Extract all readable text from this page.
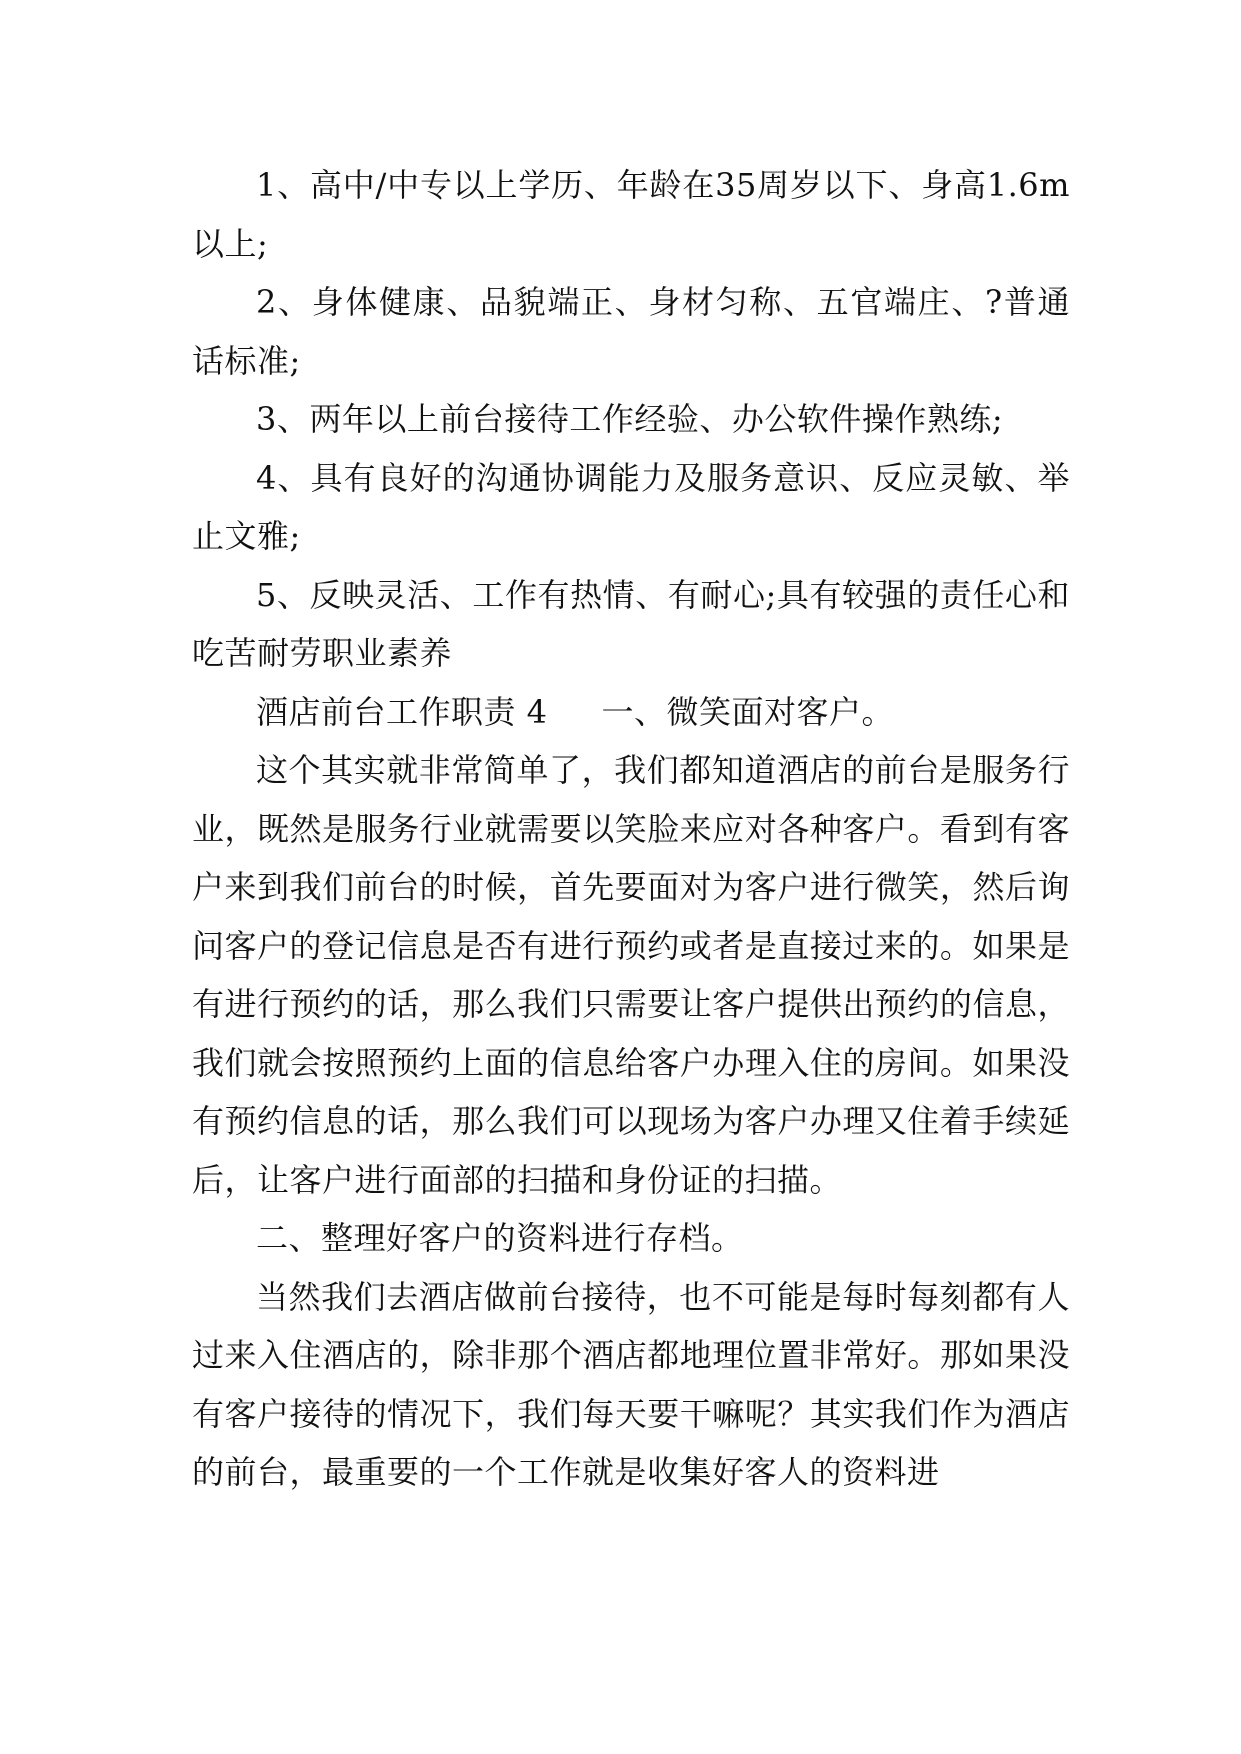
1、高中/中专以上学历、年龄在35周岁以下、身高1.6m以上;

2、身体健康、品貌端正、身材匀称、五官端庄、?普通话标准;

3、两年以上前台接待工作经验、办公软件操作熟练;

4、具有良好的沟通协调能力及服务意识、反应灵敏、举止文雅;

5、反映灵活、工作有热情、有耐心;具有较强的责任心和吃苦耐劳职业素养

酒店前台工作职责 4 一、微笑面对客户。

这个其实就非常简单了，我们都知道酒店的前台是服务行业，既然是服务行业就需要以笑脸来应对各种客户。看到有客户来到我们前台的时候，首先要面对为客户进行微笑，然后询问客户的登记信息是否有进行预约或者是直接过来的。如果是有进行预约的话，那么我们只需要让客户提供出预约的信息，我们就会按照预约上面的信息给客户办理入住的房间。如果没有预约信息的话，那么我们可以现场为客户办理又住着手续延后，让客户进行面部的扫描和身份证的扫描。

二、整理好客户的资料进行存档。

当然我们去酒店做前台接待，也不可能是每时每刻都有人过来入住酒店的，除非那个酒店都地理位置非常好。那如果没有客户接待的情况下，我们每天要干嘛呢？其实我们作为酒店的前台，最重要的一个工作就是收集好客人的资料进
